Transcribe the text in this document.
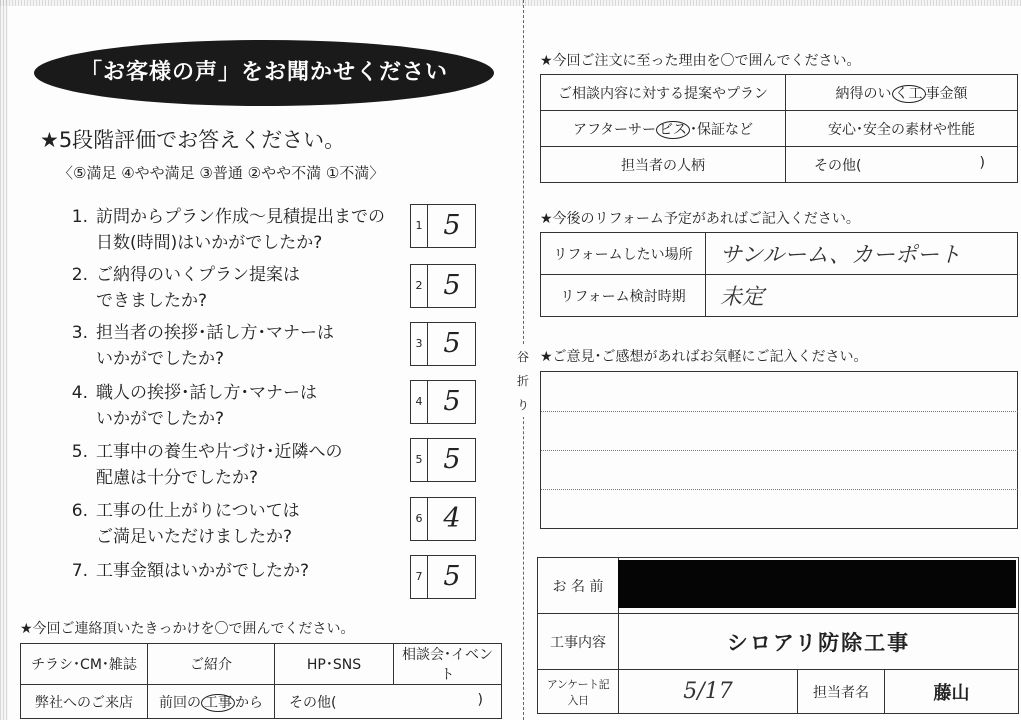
谷折り
「お客様の声」をお聞かせください
★5段階評価でお答えください。
〈⑤満足 ④やや満足 ③普通 ②やや不満 ①不満〉
1. 訪問からプラン作成～見積提出までの
日数(時間)はいかがでしたか?
1 5
2. ご納得のいくプラン提案は
できましたか?
2 5
3. 担当者の挨拶･話し方･マナーは
いかがでしたか?
3 5
4. 職人の挨拶･話し方･マナーは
いかがでしたか?
4 5
5. 工事中の養生や片づけ･近隣への
配慮は十分でしたか?
5 5
6. 工事の仕上がりについては
ご満足いただけましたか?
6 4
7. 工事金額はいかがでしたか?	7 5
★今回ご連絡頂いたきっかけを〇で囲んでください。
チラシ･CM･雑誌	ご紹介	HP･SNS	相談会･イベント
弊社へのご来店	前回の 工事 から	その他( )	
★今回ご注文に至った理由を〇で囲んでください。
ご相談内容に対する提案やプラン	納得のい く工 事金額
アフターサー ビス ･保証など	安心･安全の素材や性能
担当者の人柄	その他( )
★今後のリフォーム予定があればご記入ください。
リフォームしたい場所	サンルーム、カーポート
リフォーム検討時期	未定
★ご意見･ご感想があればお気軽にご記入ください。
お 名 前			
工事内容	シロアリ防除工事		
アンケート記入日	5/17	担当者名	藤山
